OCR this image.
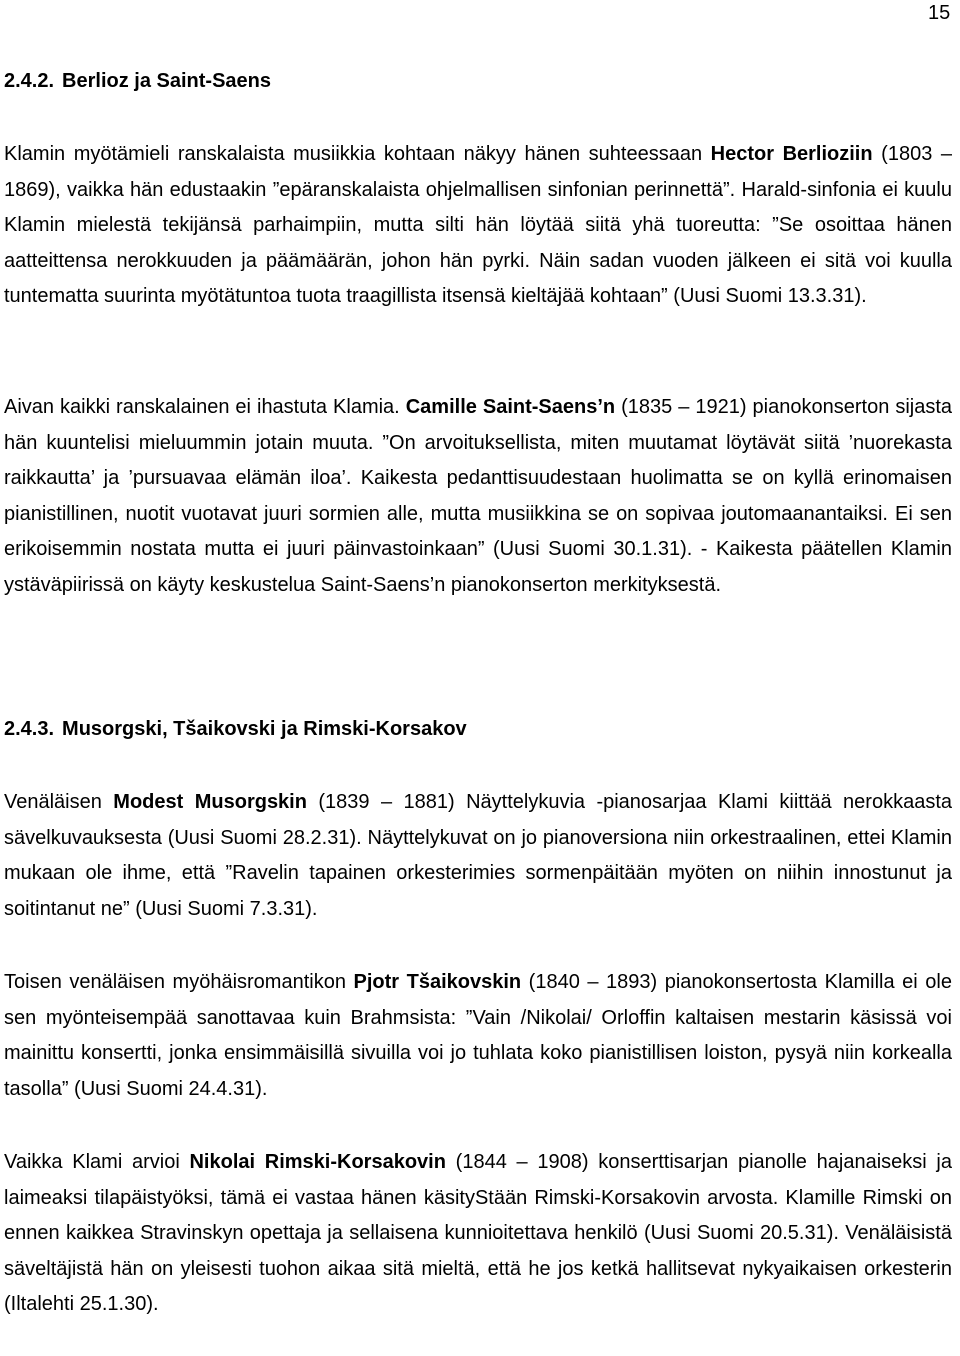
15
2.4.2. Berlioz ja Saint-Saens

Klamin myötämieli ranskalaista musiikkia kohtaan näkyy hänen suhteessaan Hector Berlioziin (1803 – 1869), vaikka hän edustaakin ”epäranskalaista ohjelmallisen sinfonian perinnettä”. Harald-sinfonia ei kuulu Klamin mielestä tekijänsä parhaimpiin, mutta silti hän löytää siitä yhä tuoreutta: ”Se osoittaa hänen aatteittensa nerokkuuden ja päämäärän, johon hän pyrki. Näin sadan vuoden jälkeen ei sitä voi kuulla tuntematta suurinta myötätuntoa tuota traagillista itsensä kieltäjää kohtaan” (Uusi Suomi 13.3.31).

Aivan kaikki ranskalainen ei ihastuta Klamia. Camille Saint-Saens’n (1835 – 1921) pianokonserton sijasta hän kuuntelisi mieluummin jotain muuta. ”On arvoituksellista, miten muutamat löytävät siitä ’nuorekasta raikkautta’ ja ’pursuavaa elämän iloa’. Kaikesta pedanttisuudestaan huolimatta se on kyllä erinomaisen pianistillinen, nuotit vuotavat juuri sormien alle, mutta musiikkina se on sopivaa joutomaanantaiksi. Ei sen erikoisemmin nostata mutta ei juuri päinvastoinkaan” (Uusi Suomi 30.1.31). - Kaikesta päätellen Klamin ystäväpiirissä on käyty keskustelua Saint-Saens’n pianokonserton merkityksestä.

2.4.3. Musorgski, Tšaikovski ja Rimski-Korsakov

Venäläisen Modest Musorgskin (1839 – 1881) Näyttelykuvia -pianosarjaa Klami kiittää nerokkaasta sävelkuvauksesta (Uusi Suomi 28.2.31). Näyttelykuvat on jo pianoversiona niin orkestraalinen, ettei Klamin mukaan ole ihme, että ”Ravelin tapainen orkesterimies sormenpäitään myöten on niihin innostunut ja soitintanut ne” (Uusi Suomi 7.3.31).

Toisen venäläisen myöhäisromantikon Pjotr Tšaikovskin (1840 – 1893) pianokonsertosta Klamilla ei ole sen myönteisempää sanottavaa kuin Brahmsista: ”Vain /Nikolai/ Orloffin kaltaisen mestarin käsissä voi mainittu konsertti, jonka ensimmäisillä sivuilla voi jo tuhlata koko pianistillisen loiston, pysyä niin korkealla tasolla” (Uusi Suomi 24.4.31).

Vaikka Klami arvioi Nikolai Rimski-Korsakovin (1844 – 1908) konserttisarjan pianolle hajanaiseksi ja laimeaksi tilapäistyöksi, tämä ei vastaa hänen käsityStään Rimski-Korsakovin arvosta. Klamille Rimski on ennen kaikkea Stravinskyn opettaja ja sellaisena kunnioitettava henkilö (Uusi Suomi 20.5.31). Venäläisistä säveltäjistä hän on yleisesti tuohon aikaa sitä mieltä, että he jos ketkä hallitsevat nykyaikaisen orkesterin (Iltalehti 25.1.30).
